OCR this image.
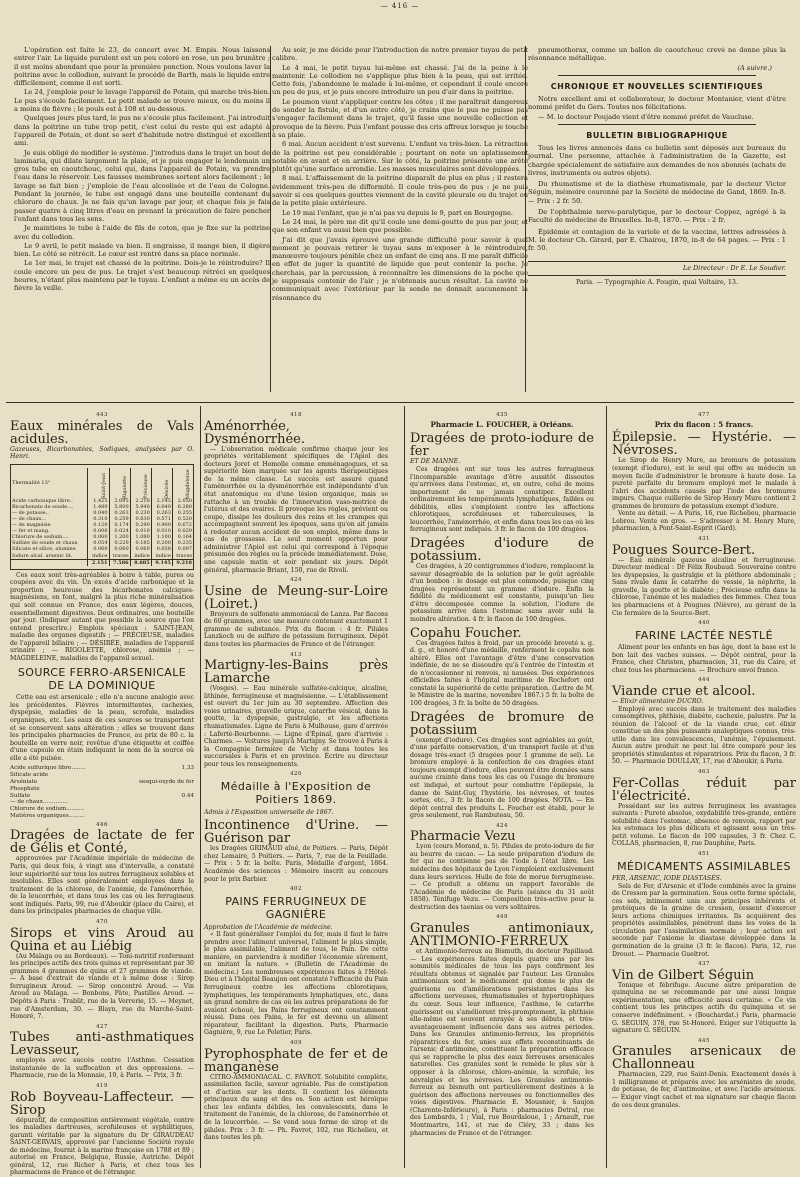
— 416 —

L'opération est faite le 23, de concert avec M. Empis. Nous laissons entrer l'air. Le liquide purulent est un peu coloré en rose, un peu brunâtre ; il est moins abondant que pour la première ponction. Nous voulons laver la poitrine avec le collodion, suivant le procédé de Barth, mais le liquide entre difficilement, comme il est sorti.

Le 24, j'emploie pour le lavage l'appareil de Potain, qui marche très-bien. Le pus s'écoule facilement. Le petit malade se trouve mieux, ou du moins il a moins de fièvre ; le pouls est à 108 et au-dessous.

Quelques jours plus tard, le pus ne s'écoule plus facilement. J'ai introduit dans la poitrine un tube trop petit, c'est celui du reste qui est adapté à l'appareil de Potain, et dont se sert d'habitude notre distingué et excellent ami.

Je suis obligé de modifier le système. J'introduis dans le trajet un bout de laminaria, qui dilate largement la plaie, et je puis engager le lendemain un gros tube en caoutchouc, celui qui, dans l'appareil de Potain, va prendre l'eau dans le réservoir. Les fausses membranes sortent alors facilement ; le lavage se fait bien ; j'emploie de l'eau alcoolisée et de l'eau de Cologne. Pendant la journée, le tube est engagé dans une bouteille contenant du chlorure de chaux. Je ne fais qu'un lavage par jour, et chaque fois je fais passer quatre à cinq litres d'eau en prenant la précaution de faire pencher l'enfant dans tous les sens.

Je maintiens le tube à l'aide de fils de coton, que je fixe sur la poitrine avec du collodion.

Le 9 avril, le petit malade va bien. Il engraisse, il mange bien, il digère bien. Le côté se rétrécit. Le cœur est rentré dans sa place normale.

Le 1er mai, le trajet est chassé de la poitrine. Dois-je le réintroduire? Il coule encore un peu de pus. Le trajet s'est beaucoup rétréci en quelques heures, n'étant plus maintenu par le tuyau. L'enfant a même eu un accès de fièvre la veille.

Au soir, je me décide pour l'introduction de notre premier tuyau de petit calibre.

Le 4 mai, le petit tuyau lui-même est chassé. J'ai de la peine à le maintenir. Le collodion ne s'applique plus bien à la peau, qui est irritée. Cette fois, j'abandonne le malade à lui-même, et cependant il coule encore un peu de pus, et je puis encore introduire un peu d'air dans la poitrine.

Le poumon vient s'appliquer contre les côtes ; il me paraîtrait dangereux de sonder la fistule, et d'un autre côté, je crains que le pus ne puisse pas s'engager facilement dans le trajet, qu'il fasse une nouvelle collection et provoque de la fièvre. Puis l'enfant pousse des cris affreux lorsque je touche à sa plaie.

6 mai. Aucun accident n'est survenu. L'enfant va très-bien. La rétraction de la poitrine est peu considérable ; pourtant on note un aplatissement notable en avant et en arrière. Sur le côté, la poitrine présente une arête plutôt qu'une surface arrondie. Les masses musculaires sont développées.

8 mai. L'affaissement de la poitrine disparaît de plus en plus ; il restera évidemment très-peu de difformité. Il coule très-peu de pus : je ne puis savoir si ces quelques gouttes viennent de la cavité pleurale ou du trajet ou de la petite plaie extérieure.

Le 19 mai l'enfant, que je n'ai pas vu depuis le 9, part en Bourgogne.

Le 24 mai, le père me dit qu'il coule une demi-goutte de pus par jour, et que son enfant va aussi bien que possible.

J'ai dit que j'avais éprouvé une grande difficulté pour savoir à quel moment je pouvais retirer le tuyau sans m'exposer à le réintroduire, manœuvre toujours pénible chez un enfant de cinq ans. Il me paraît difficile en effet de juger la quantité de liquide que peut contenir la poche. Je cherchais, par la percussion, à reconnaître les dimensions de la poche que je supposais contenir de l'air ; je n'obtenais aucun résultat. La cavité ne communiquait avec l'extérieur par la sonde ne donnait aucunement la résonnance du

pneumothorax, comme un ballon de caoutchouc crevé ne donne plus la résonnance métallique.

(A suivre.)
CHRONIQUE ET NOUVELLES SCIENTIFIQUES

Notre excellent ami et collaborateur, le docteur Montanier, vient d'être nommé préfet du Gers. Toutes nos félicitations.

— M. le docteur Poujade vient d'être nommé préfet de Vaucluse.

BULLETIN BIBLIOGRAPHIQUE

Tous les livres annoncés dans ce bulletin sont déposés aux bureaux du journal. Une personne, attachée à l'administration de la Gazette, est chargée spécialement de satisfaire aux demandes de nos abonnés (achats de livres, instruments ou autres objets).

Du rhumatisme et de la diathèse rhumatismale, par le docteur Victor Séguin, mémoire couronné par la Société de médecine de Gand, 1869. In-8. — Prix : 2 fr. 50.

De l'ophthalmie nerve-paralytique, par le docteur Coppez, agrégé à la Faculté de médecine de Bruxelles. In-8, 1870. — Prix : 2 fr.

Épidémie et contagion de la variole et de la vaccine, lettres adressées à M. le docteur Ch. Girard, par E. Chairou, 1870, in-8 de 64 pages. — Prix : 1 fr. 50.

Le Directeur : Dr E. Le Soudier.
Paris. — Typographie A. Pougin, quai Voltaire, 13.
443
Eaux minérales de Vals acidules.
Gazeuses, Bicarbonatées, Sodiques, analysées par O. Henri.
Thermalité 13°	Saint-Jean	Rigolette	Précieuse	Désirée	Magdeleine
Acide carbonique libre..	1.425	2.095	2.218	2.145	2.050
Bicarbonate de soude....	1.480	5.800	5.940	6.040	6.280
— de potasse..	0.040	0.263	0.230	0.263	0.255
— de chaux...	0.310	0.259	0.630	0.571	0.520
— de magnésie	0.120	0.174	0.290	0.900	0.672
— fer et mang.	0.006	0.024	0.010	0.010	0.029
Chlorure de sodium....	0.060	1.200	1.080	1.100	0.164
Sulfate de soude et chaux	0.054	0.220	0.185	0.200	0.235
Silicate et silice, alumine	0.060	0.060	0.060	0.058	0.097
Iodure alcal. arsenic lit.	indice	traces	indice	indice	traces
	2.151	7.586	8.885	9.145	9.218

Ces eaux sont très-agréables à boire à table, pures ou coupées avec du vin. Un excès d'acide carbonique et la proportion heureuse des bicarbonates calciques-magnésiens, en font, malgré la plus riche minéralisation qui soit connue en France, des eaux légères, douces, essentiellement digestives. Deux ordinaires, une bouteille par jour. (Indiquer autant que possible la source que l'on entend prescrire.) Emplois spéciaux : SAINT-JEAN, maladie des organes digestifs ; — PRÉCIEUSE, maladies de l'appareil biliaire ; — DÉSIRÉE, maladies de l'appareil urinaire ; — RIGOLETTE, chlorose, anémie ; — MAGDELEINE, maladies de l'appareil sexuel.

SOURCE FERRO-ARSENICALE DE LA DOMINIQUE

Cette eau est arsenicale ; elle n'a aucune analogie avec les précédentes. Fièvres intermittentes, cachexies, dyspepsie, maladies de la peau, scrofule, maladies organiques, etc. Les eaux de ces sources se transportent et se conservent sans altération ; elles se trouvent dans les principales pharmacies de France, au prix de 80 c. la bouteille en verre noir, revêtue d'une étiquette et coiffée d'une capsule en étain indiquant le nom de la source où elle a été puisée.

Acide sulfurique libre........	1,33
Silicate acide
Arséniate	sesqui-oxyde de fer
Phosphate
Sulfate	0.44
— de chaux..............
Chlorure de sodium..........
Matières organiques.........
446
Dragées de lactate de fer de Gélis et Conté,

approuvées par l'Académie impériale de médecine de Paris, qui deux fois, à vingt ans d'intervalle, a constaté leur supériorité sur tous les autres ferrugineux solubles et insolubles. Elles sont généralement employées dans le traitement de la chlorose, de l'anémie, de l'aménorrhée, de la leucorrhée, et dans tous les cas où les ferrugineux sont indiqués. Paris, 99, rue d'Aboukir (place du Caire), et dans les principales pharmacies de chaque ville.

470
Sirops et vins Aroud au Quina et au Liébig

(Au Malaga ou au Bordeaux). — Toni-nutritif renfermant les principes actifs des trois quinas et représentant par 30 grammes 4 grammes de quina et 27 grammes de viande. — A base d'extrait de viande et à même dose : Sirop ferrugineux Aroud. — Sirop concentré Aroud. — Vin Aroud au Malaga. — Bonbons, Pâte, Pastilles Aroud. — Dépôts à Paris : Trablit, rue de la Verrerie, 15. — Meynet, rue d'Amsterdam, 30. — Blayn, rue du Marché-Saint-Honoré, 7.

427
Tubes anti-asthmatiques Levasseur,

employés avec succès contre l'Asthme. Cessation instantanée de la suffocation et des oppressions. — Pharmacie, rue de la Monnaie, 19, à Paris. — Prix, 3 fr.

419
Rob Boyveau-Laffecteur. — Sirop

dépuratif, de composition entièrement végétale, contre les maladies dartreuses, scrofuleuses et syphilitiques, garanti véritable par la signature du Dr GIRAUDEAU SAINT-GERVAIS, approuvé par l'ancienne Société royale de médecine, fournit à la marine française en 1788 et 89 ; autorisé en France, Belgique, Russie, Autriche. Dépôt général, 12, rue Richer à Paris, et chez tous les pharmaciens de France et de l'étranger.

418
Aménorrhée, Dysménorrhée.

— L'observation médicale confirme chaque jour les propriétés véritablement spécifiques de l'Apiol des docteurs Joret et Homolle comme emménagogues, et sa supériorité bien marquée sur les agents thérapeutiques de la même classe. Le succès est assuré quand l'aménorrhée ou la dysménorrhée est indépendante d'un état anatomique ou d'une lésion organique, mais se rattache à un trouble de l'innervation vaso-motrice de l'utérus et des ovaires. Il provoque les règles, prévient ou coupe, dissipe les douleurs des reins et les crampes qui accompagnent souvent les époques, sans qu'on ait jamais à redouter aucun accident de son emploi, même dans le cas de grossesse. Le seul moment opportun pour administrer l'Apiol est celui qui correspond à l'époque présumée des règles ou la précède immédiatement. Dose, une capsule matin et soir pendant six jours. Dépôt général, pharmacie Briant, 150, rue de Rivoli.

424
Usine de Meung-sur-Loire (Loiret.)

Broyeurs de sulfonate ammoniacal de Lanza. Par flacons de 60 grammes, avec une mesure contenant exactement 1 gramme de substance. Prix du flacon : 4 fr. Pilules Lanzkoch ou de sulfure de potassium ferrugineux. Dépôt dans toutes les pharmacies de France et de l'étranger.

413
Martigny-les-Bains près Lamarche

(Vosges). — Eau minérale sulfatée-calcique, alcaline, lithinée, ferrugineuse et magnésienne. — L'établissement est ouvert du 1er juin au 30 septembre. Affection des voies urinaires, gravelle urique, catarrhe vésical, dans la goutte, la dyspepsie, gastralgie, et les affections rhumatismales. Ligne de Paris à Mulhouse, gare d'arrivée : Lafertè-Bourbonne. — Ligne d'Épinal, gare d'arrivée : Charmes. — Voitures jusqu'à Martigny. Se trouve à Paris à la Compagnie fermière de Vichy et dans toutes les succursales à Paris et en province. Écrire au directeur pour tous les renseignements.

420
Médaille à l'Exposition de Poitiers 1869.
Admis à l'Exposition universelle de 1867.
Incontinence d'Urine. — Guérison par

les Dragées GRIMAUD aîné, de Poitiers. — Paris, Dépôt chez Lemaire, 5 Poitiers. — Paris, 7, rue de la Feuillade. — Prix : 5 fr. la boîte. Paris, Médaille d'argent, 1864. Académie des sciences : Mémoire inscrit au concours pour le prix Barbier.

402
PAINS FERRUGINEUX DE GAGNIÈRE
Approbation de l'Académie de médecine.

« Il faut généraliser l'emploi du fer, mais il faut le faire prendre avec l'aliment universel, l'aliment le plus simple, le plus assimilable, l'aliment de tous, le Pain. De cette manière, on parviendra à modifier l'économie sûrement, en imitant la nature. » (Bulletin de l'Académie de médecine.) Les nombreuses expériences faites à l'Hôtel-Dieu et à l'hôpital Beaujon ont constaté l'efficacité du Pain ferrugineux contre les affections chlorotiques, lymphatiques, les tempéraments lymphatiques, etc., dans un grand nombre de cas où les autres préparations de fer avaient échoué, les Pains ferrugineux ont constamment réussi. Dans ces Pains, le fer est devenu un aliment réparateur, facilitant la digestion. Paris, Pharmacie Gagnière, 9, rue Le Peletier, Paris.

409
Pyrophosphate de fer et de manganèse

CITRO-AMMONIACAL. C. FAVROT. Solubilité complète, assimilation facile, saveur agréable. Pas de constipation et d'action sur les dents. Il contient les éléments principaux du sang et des os. Son action est héroïque chez les enfants débiles, les convalescents, dans le traitement de l'anémie, de la chlorose, de l'aménorrhée et de la leucorrhée. — Se vend sous forme de sirop et de pilules. Prix : 3 fr. — Ph. Favrot, 102, rue Richelieu, et dans toutes les ph.

435
Pharmacie L. FOUCHER, à Orléans.
Dragées de proto-iodure de fer
ET DE MANNE.

Ces dragées ont sur tous les autres ferrugineux l'incomparable avantage d'être aussitôt dissoutes qu'arrivées dans l'estomac, et, en outre, celui de moins importunent de ne jamais constiper. Excellent ordinairement les tempéraments lymphatiques, faibles ou débilités, elles s'emploient contre les affections chlorotiques, scrofuleuses et tuberculeuses, la leucorrhée, l'aménorrhée, et enfin dans tous les cas où les ferrugineux sont indiqués. 3 fr. le flacon de 100 dragées.

Dragées d'iodure de potassium.

Ces dragées, à 20 centigrammes d'iodure, remplacent la saveur désagréable de la solution par le goût agréable d'un bonbon : le dosage est plus commode, puisque cinq dragées représentent un gramme d'iodure. Enfin la fidélité du médicament est constante, puisqu'un lieu d'être décomposée comme la solution, l'iodure de potassium arrive dans l'estomac sans avoir subi la moindre altération. 4 fr. le flacon de 100 dragées.

Copahu Foucher.

Ces dragées faites à froid, par un procédé breveté s. g. d. g., et honoré d'une médaille, renferment le copahu non altéré. Elles ont l'avantage d'être d'une conservation indéfinie, de ne se dissoudre qu'à l'entrée de l'intestin et de n'occasionner ni renvois, ni nausées. Des expériences officielles faites à l'hôpital maritime de Rochefort ont constaté la supériorité de cette préparation. (Lettre de M. le Ministre de la marine, novembre 1867.) 5 fr. la boîte de 100 dragées, 3 fr. la boîte de 50 dragées.

Dragées de bromure de potassium

(exempt d'iodure). Ces dragées sont agréables au goût, d'une parfaite conservation, d'un transport facile et d'un dosage très-exact (5 dragées pour 1 gramme de sel). Le bromure employé à la confection de ces dragées étant toujours exempt d'iodure, elles peuvent être données sans aucune crainte dans tous les cas où l'usage du bromure est indiqué, et surtout pour combattre l'épilepsie, la danse de Saint-Guy, l'hystérie, les névroses, et toutes sortes, etc., 3 fr. le flacon de 100 dragées. NOTA. — En dépôt central des produits L. Foucher est établi, pour le gros seulement, rue Rambuteau, 50.

424
Pharmacie Vezu

Lyon (cours Morand, n. 5). Pilules de proto-iodure de fer au beurre de cacao. — La seule préparation d'iodure de fer qui ne contienne pas de l'iode à l'état libre. Les médecins des hôpitaux de Lyon l'emploient exclusivement dans leurs services. Huile de foie de morue ferrugineuse. — Ce produit a obtenu un rapport favorable de l'Académie de médecine de Paris (séance du 31 août 1858). Ténifuge Vezu. — Composition très-active pour la destruction des taenias ou vers solitaires.

449
Granules antimoniaux, ANTIMONIO-FERREUX

et Antimonio-ferreux au Bismuth, du docteur Papillaud. — Les expériences faites depuis quatre ans par les sommités médicales de tous les pays confirment les résultats obtenus et signalés par l'auteur. Les Granules antimoniaux sont le médicament qui donne le plus de guérisons ou d'améliorations persistantes dans les affections nerveuses, rhumatismales et hypertrophiques du cœur. Sous leur influence, l'asthme, le catarrhe guérissent ou s'améliorent très-promptement, la phthisie elle-même est souvent enrayée à ses débuts, et très-avantageusement influencée dans ses autres périodes. Dans les Granules antimonio-ferreux, les propriétés réparatrices du fer, unies aux effets reconstituants de l'arsenic d'antimoine, constituent la préparation efficace qui se rapproche le plus des eaux ferreuses arsenicales naturelles. Ces granules sont le remède le plus sûr à opposer à la chlorose, chloro-anémie, la scrofule, les névralgies et les névroses. Les Granules antimonio-ferreux au bismuth ont particulièrement destinés à la guérison des affections nerveuses ou fonctionnelles des voies digestives. Pharmacie E. Mousnier, à Saujon (Charente-Inférieure), à Paris : pharmacies Detral, rue des Lombards, 1 ; Vial, rue Bourdaloue, 1 ; Arnault, rue Montmartre, 141, et rue de Cléry, 33 ; dans les pharmacies de France et de l'étranger.

477
Prix du flacon : 5 francs.
Épilepsie. — Hystérie. — Névroses.

Le Sirop de Henry Mure, au bromure de potassium (exempt d'iodure), est le seul qui offre au médecin un moyen facile d'administrer le bromure à haute dose. La pureté parfaite du bromure employé met le malade à l'abri des accidents causés par l'iode des bromures impurs. Chaque cuillerée de Sirop Henry Mure contient 2 grammes de bromure de potassium exempt d'iodure.

Vente au détail. — A Paris, 16, rue Richelieu, pharmacie Lebrou. Vente en gros. — S'adresser à M. Henry Mure, pharmacien, à Pont-Saint-Esprit (Gard).

431
Pougues Source-Bert.

— Eau minérale gazeuse alcaline et ferrugineuse. Directeur médical : Dr Félix Roubaud. Souveraine contre les dyspepsies, la gastralgie et la pléthore abdominale ; Sans rivale dans le catarrhe de vessie, la néphrite, la gravelle, la goutte et le diabète ; Précieuse enfin dans la chlorose, l'anémie et les maladies des femmes. Chez tous les pharmaciens et à Pougues (Nièvre), au gérant de la Cie fermière de la Source-Bert.

440
FARINE LACTÉE NESTLÉ

Aliment pour les enfants en bas âge, dont la base est le bon lait des vaches suisses. — Dépôt central, pour la France, chez Christen, pharmacien, 31, rue du Caire, et chez tous les pharmaciens. — Brochure envoi franco.

444
Viande crue et alcool.
— Élixir alimentaire DUCRO.

Employé avec succès dans le traitement des maladies consomptives, phthisie, diabète, cachexie, palustre. Par la réunion de l'alcool et de la viande crue, cet élixir constitue un des plus puissants analeptiques connus, très-utile dans les convalescences, l'anémie, l'épuisement. Aucun autre produit ne peut lui être comparé pour les propriétés stimulantes et réparatrices. Prix du flacon, 3 fr. 50. — Pharmacie DOULLAY, 17, rue d'Aboukir, à Paris.

463
Fer-Collas réduit par l'électricité.

Possédant sur les autres ferrugineux les avantages suivants : Pureté absolue, oxydabilité très-grande, entière solubilité dans l'estomac, absence de renvois, rapport par les estomacs les plus délicats et agissant sous un très-petit volume. Le flacon de 100 capsules, 3 fr. Chez C. COLLAS, pharmacien, 8, rue Dauphine, Paris.

451
MÉDICAMENTS ASSIMILABLES
FER, ARSENIC, IODE DIASTASÉS.

Sels de Fer, d'Arsenic et d'Iode combinés avec la graine de Cresson par la germination. Sous cette forme spéciale, ces sels, intimement unis aux principes inhérents et protéiques de la graine de cresson, cessent d'exercer leurs actions chimiques irritantes. Ils acquièrent des propriétés assimilables, pénètrent dans les voies de la circulation par l'assimilation normale ; leur action est seconde par l'axiome le diastase développée dans la germination de la graine (3 fr. le flacon). Paris, 12, rue Drouot. — Pharmacie Gueltrot.

437
Vin de Gilbert Séguin

Tonique et fébrifuge. Aucune autre préparation de quinquina ne se recommande par une aussi longue expérimentation, une efficacité aussi certaine. « Ce vin contient tous les principes actifs du quinquina et se conserve indéfiniment. » (Bouchardat.) Paris, pharmacie G. SÉGUIN, 378, rue St-Honoré. Exiger sur l'étiquette la signature G. SÉGUIN.

445
Granules arsenicaux de Challonneau

Pharmacien, 229, rue Saint-Denis. Exactement dosés à 1 milligramme et préparés avec les arséniates de soude, de potasse, de fer, d'antimoine, et avec l'acide arsénieux. — Exiger vingt cachet et ma signature sur chaque flacon de ces deux granules.
